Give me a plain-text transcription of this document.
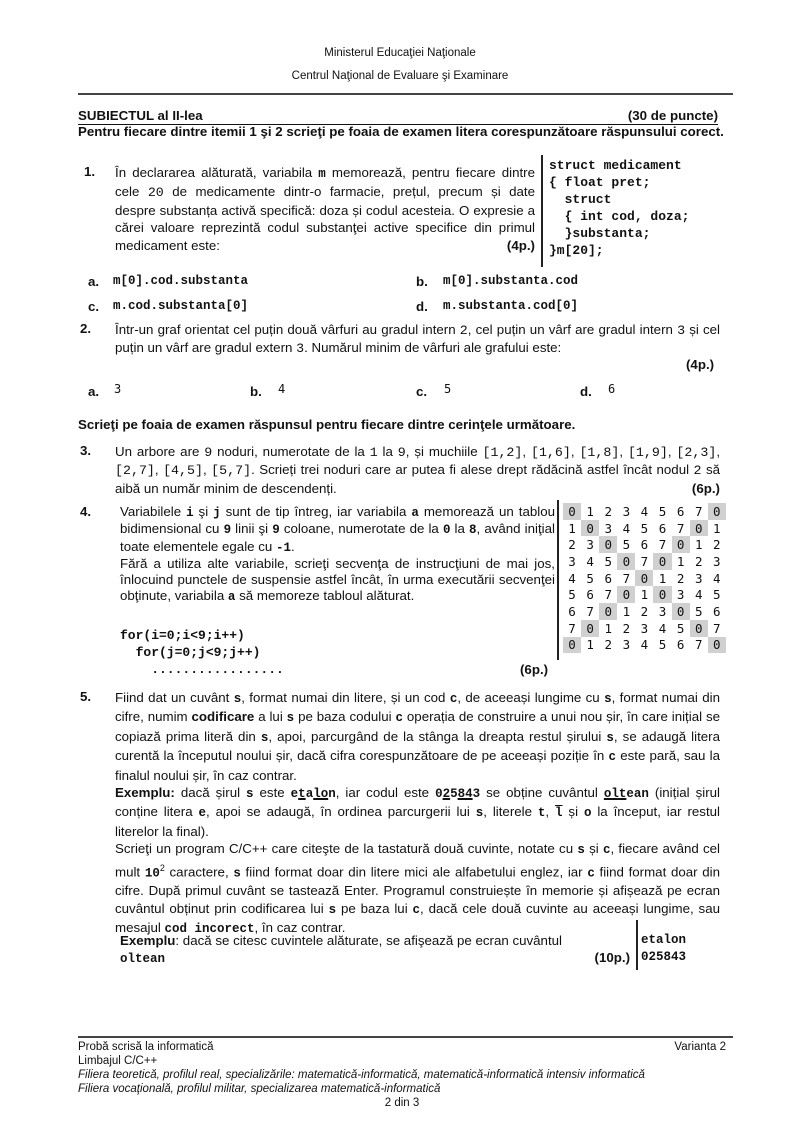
Ministerul Educaţiei Naţionale
Centrul Naţional de Evaluare şi Examinare
SUBIECTUL al II-lea	(30 de puncte)
Pentru fiecare dintre itemii 1 şi 2 scrieţi pe foaia de examen litera corespunzătoare răspunsului corect.
1. În declararea alăturată, variabila m memorează, pentru fiecare dintre cele 20 de medicamente dintr-o farmacie, prețul, precum și date despre substanța activă specifică: doza și codul acesteia. O expresie a cărei valoare reprezintă codul substanţei active specifice din primul medicament este:	(4p.)
struct medicament
{ float pret;
struct
{ int cod, doza;
}substanta;
}m[20];
a. m[0].cod.substanta	b. m[0].substanta.cod
c. m.cod.substanta[0]	d. m.substanta.cod[0]
2. Într-un graf orientat cel puțin două vârfuri au gradul intern 2, cel puțin un vârf are gradul intern 3 și cel puțin un vârf are gradul extern 3. Numărul minim de vârfuri ale grafului este:
(4p.)
a. 3	b. 4	c. 5	d. 6
Scrieţi pe foaia de examen răspunsul pentru fiecare dintre cerinţele următoare.
3. Un arbore are 9 noduri, numerotate de la 1 la 9, și muchiile [1,2], [1,6], [1,8], [1,9], [2,3], [2,7], [4,5], [5,7]. Scrieți trei noduri care ar putea fi alese drept rădăcină astfel încât nodul 2 să aibă un număr minim de descendenți.	(6p.)
4. Variabilele i şi j sunt de tip întreg, iar variabila a memorează un tablou bidimensional cu 9 linii şi 9 coloane, numerotate de la 0 la 8, având iniţial toate elementele egale cu -1.
Fără a utiliza alte variabile, scrieţi secvenţa de instrucţiuni de mai jos, înlocuind punctele de suspensie astfel încât, în urma executării secvenţei obţinute, variabila a să memoreze tabloul alăturat.
for(i=0;i<9;i++)
for(j=0;j<9;j++)
.................	(6p.)
0	1	2	3	4	5	6	7	0
1	0	3	4	5	6	7	0	1
2	3	0	5	6	7	0	1	2
3	4	5	0	7	0	1	2	3
4	5	6	7	0	1	2	3	4
5	6	7	0	1	0	3	4	5
6	7	0	1	2	3	0	5	6
7	0	1	2	3	4	5	0	7
0	1	2	3	4	5	6	7	0
5. Fiind dat un cuvânt s, format numai din litere, și un cod c, de aceeași lungime cu s, format numai din cifre, numim codificare a lui s pe baza codului c operația de construire a unui nou șir, în care inițial se copiază prima literă din s, apoi, parcurgând de la stânga la dreapta restul șirului s, se adaugă litera curentă la începutul noului șir, dacă cifra corespunzătoare de pe aceeași poziție în c este pară, sau la finalul noului șir, în caz contrar.
Exemplu: dacă șirul s este etalon, iar codul este 025843 se obține cuvântul oltean (inițial șirul conține litera e, apoi se adaugă, în ordinea parcurgerii lui s, literele t, $\overline{l}$ și o la început, iar restul literelor la final).
Scrieţi un program C/C++ care citeşte de la tastatură două cuvinte, notate cu s și c, fiecare având cel mult $10^2$ caractere, s fiind format doar din litere mici ale alfabetului englez, iar c fiind format doar din cifre. După primul cuvânt se tastează Enter. Programul construiește în memorie și afișează pe ecran cuvântul obținut prin codificarea lui s pe baza lui c, dacă cele două cuvinte au aceeași lungime, sau mesajul cod incorect, în caz contrar.
Exemplu: dacă se citesc cuvintele alăturate, se afişează pe ecran cuvântul
oltean	(10p.)
etalon
025843
Probă scrisă la informatică	Varianta 2
Limbajul C/C++
Filiera teoretică, profilul real, specializările: matematică-informatică, matematică-informatică intensiv informatică
Filiera vocaţională, profilul militar, specializarea matematică-informatică
2 din 3
